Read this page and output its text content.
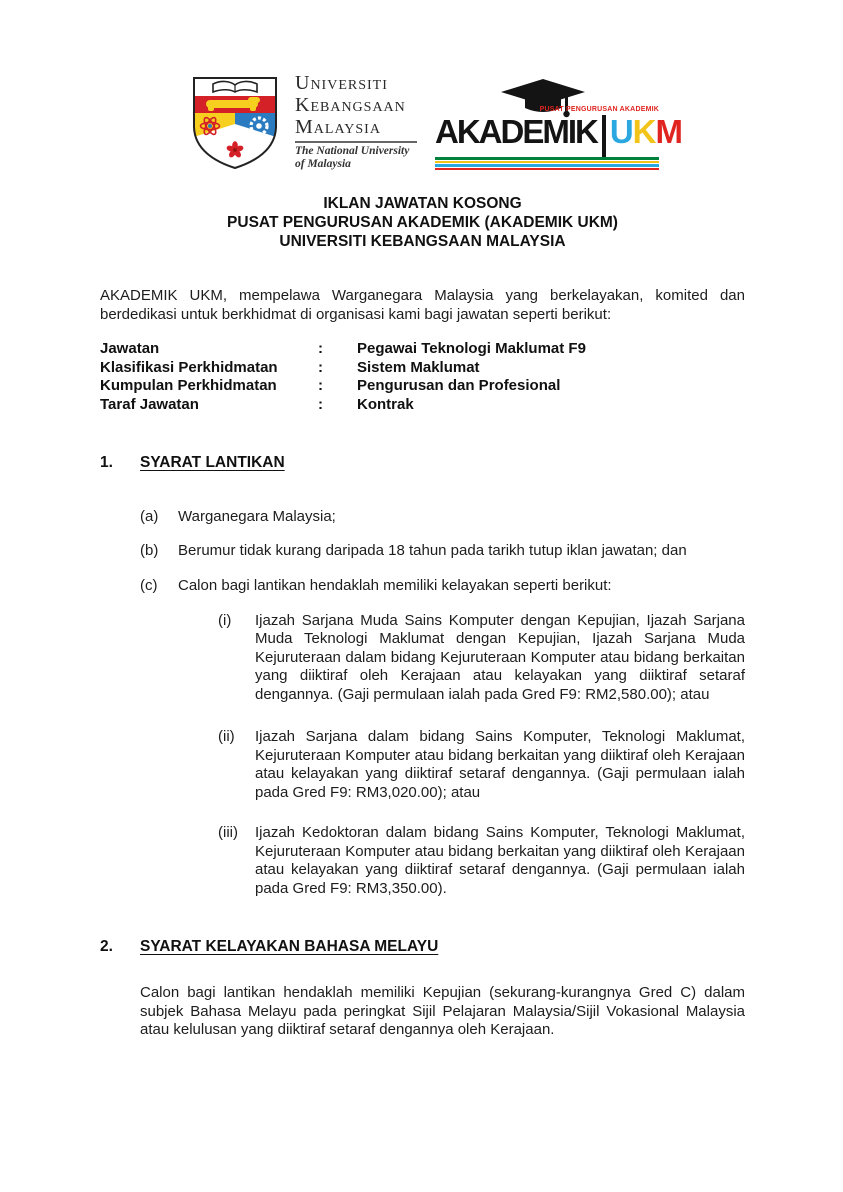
Universiti
Kebangsaan
Malaysia
The National University
of Malaysia
PUSAT PENGURUSAN AKADEMIK
AKADEMIK UKM
IKLAN JAWATAN KOSONG
PUSAT PENGURUSAN AKADEMIK (AKADEMIK UKM)
UNIVERSITI KEBANGSAAN MALAYSIA

AKADEMIK UKM, mempelawa Warganegara Malaysia yang berkelayakan, komited dan berdedikasi untuk berkhidmat di organisasi kami bagi jawatan seperti berikut:

Jawatan	:	Pegawai Teknologi Maklumat F9
Klasifikasi Perkhidmatan	:	Sistem Maklumat
Kumpulan Perkhidmatan	:	Pengurusan dan Profesional
Taraf Jawatan	:	Kontrak
1.	SYARAT LANTIKAN
(a)	Warganegara Malaysia;
(b)	Berumur tidak kurang daripada 18 tahun pada tarikh tutup iklan jawatan; dan
(c)	Calon bagi lantikan hendaklah memiliki kelayakan seperti berikut:
(i)	Ijazah Sarjana Muda Sains Komputer dengan Kepujian, Ijazah Sarjana Muda Teknologi Maklumat dengan Kepujian, Ijazah Sarjana Muda Kejuruteraan dalam bidang Kejuruteraan Komputer atau bidang berkaitan yang diiktiraf oleh Kerajaan atau kelayakan yang diiktiraf setaraf dengannya. (Gaji permulaan ialah pada Gred F9: RM2,580.00); atau
(ii)	Ijazah Sarjana dalam bidang Sains Komputer, Teknologi Maklumat, Kejuruteraan Komputer atau bidang berkaitan yang diiktiraf oleh Kerajaan atau kelayakan yang diiktiraf setaraf dengannya. (Gaji permulaan ialah pada Gred F9: RM3,020.00); atau
(iii)	Ijazah Kedoktoran dalam bidang Sains Komputer, Teknologi Maklumat, Kejuruteraan Komputer atau bidang berkaitan yang diiktiraf oleh Kerajaan atau kelayakan yang diiktiraf setaraf dengannya. (Gaji permulaan ialah pada Gred F9: RM3,350.00).
2.	SYARAT KELAYAKAN BAHASA MELAYU

Calon bagi lantikan hendaklah memiliki Kepujian (sekurang-kurangnya Gred C) dalam subjek Bahasa Melayu pada peringkat Sijil Pelajaran Malaysia/Sijil Vokasional Malaysia atau kelulusan yang diiktiraf setaraf dengannya oleh Kerajaan.
